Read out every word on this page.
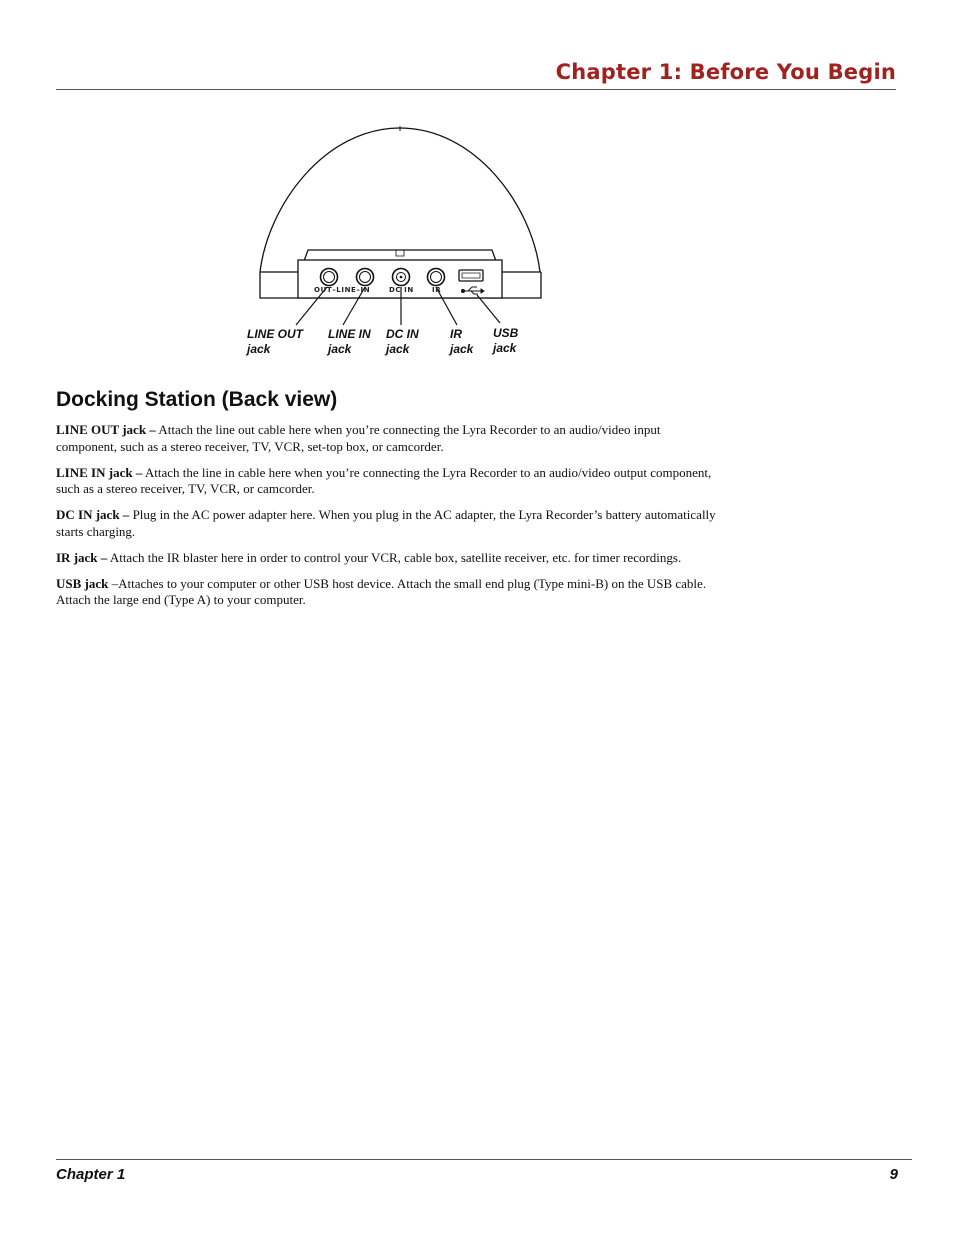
Chapter 1: Before You Begin
OUT–LINE–IN	DC IN	IR
LINE OUT
jack
LINE IN
jack
DC IN
jack
IR
jack
USB
jack
Docking Station (Back view)

LINE OUT jack – Attach the line out cable here when you’re connecting the Lyra Recorder to an audio/video input component, such as a stereo receiver, TV, VCR, set-top box, or camcorder.

LINE IN jack – Attach the line in cable here when you’re connecting the Lyra Recorder to an audio/video output component, such as a stereo receiver, TV, VCR, or camcorder.

DC IN jack – Plug in the AC power adapter here. When you plug in the AC adapter, the Lyra Recorder’s battery automatically starts charging.

IR jack – Attach the IR blaster here in order to control your VCR, cable box, satellite receiver, etc. for timer recordings.

USB jack –Attaches to your computer or other USB host device. Attach the small end plug (Type mini-B) on the USB cable. Attach the large end (Type A) to your computer.

Chapter 1	9
